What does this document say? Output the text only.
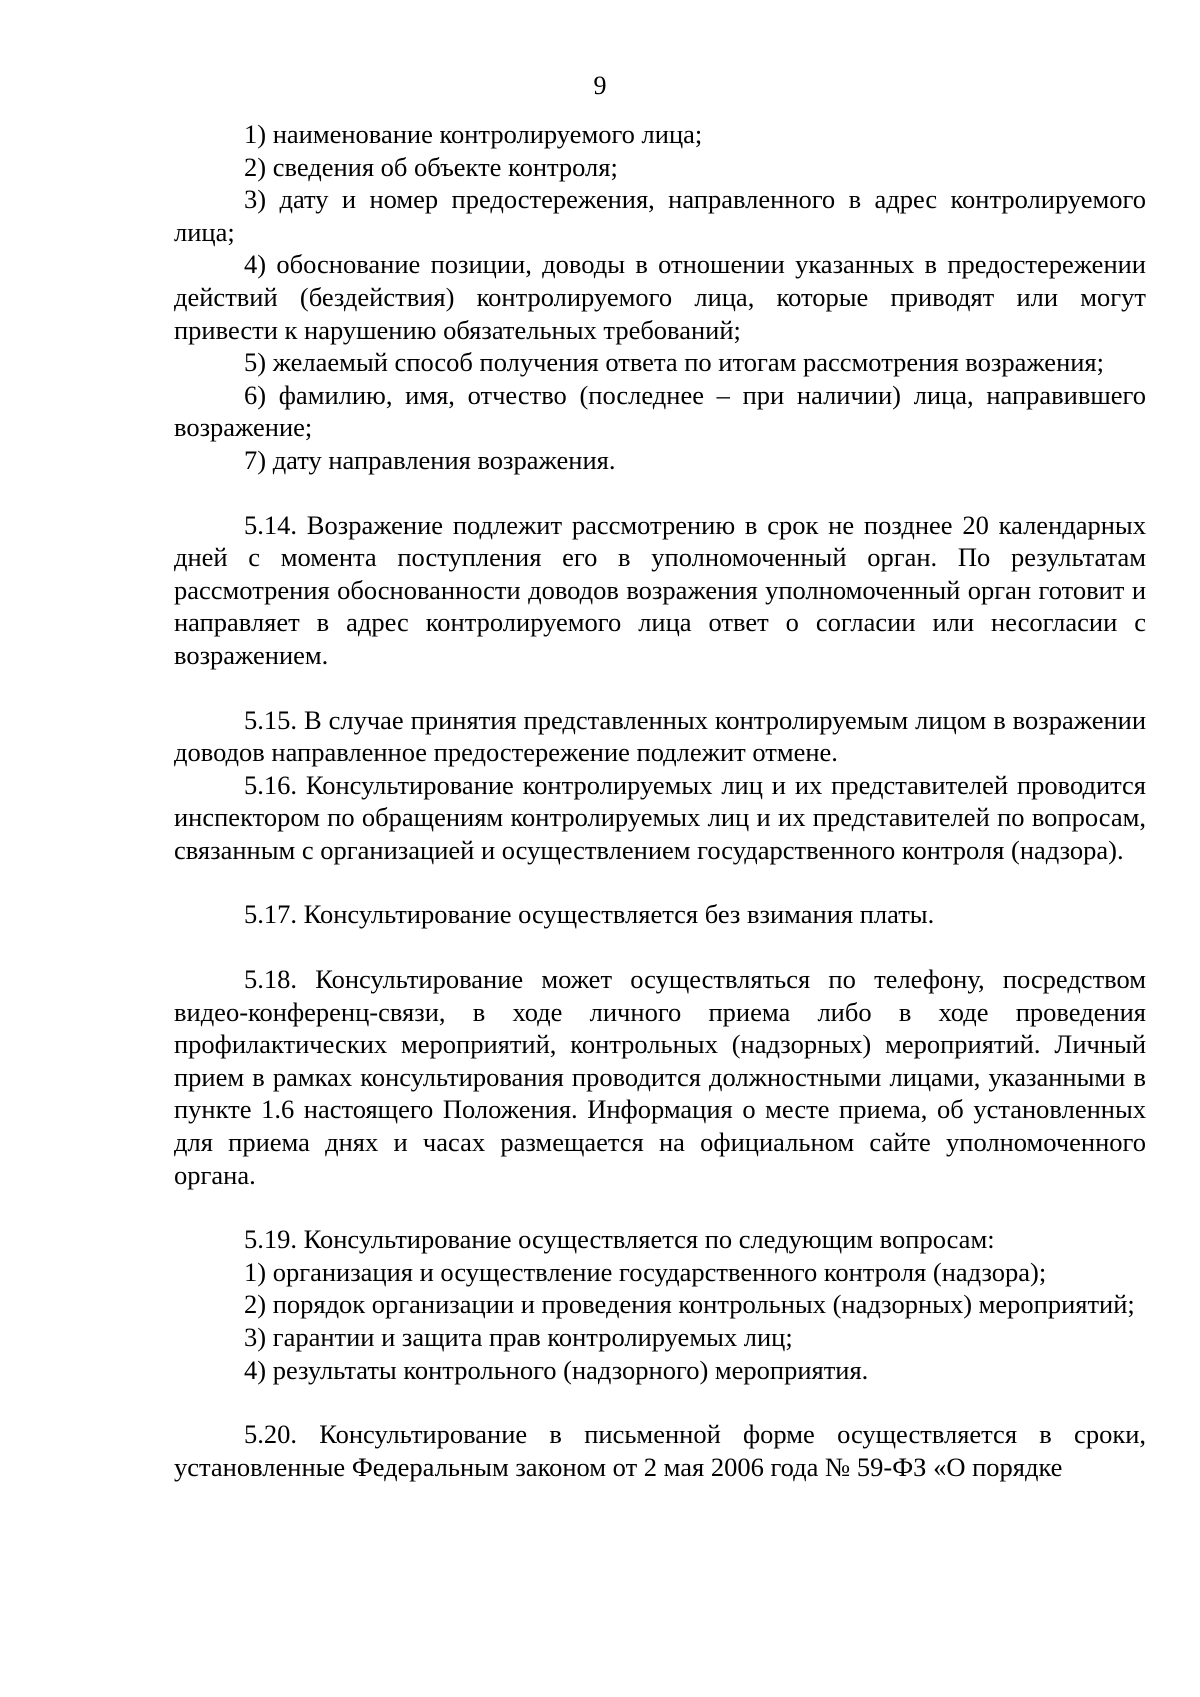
9

1) наименование контролируемого лица;

2) сведения об объекте контроля;

3) дату и номер предостережения, направленного в адрес контролируемого лица;

4) обоснование позиции, доводы в отношении указанных в предостережении действий (бездействия) контролируемого лица, которые приводят или могут привести к нарушению обязательных требований;

5) желаемый способ получения ответа по итогам рассмотрения возражения;

6) фамилию, имя, отчество (последнее – при наличии) лица, направившего возражение;

7) дату направления возражения.

5.14. Возражение подлежит рассмотрению в срок не позднее 20 календарных дней с момента поступления его в уполномоченный орган. По результатам рассмотрения обоснованности доводов возражения уполномоченный орган готовит и направляет в адрес контролируемого лица ответ о согласии или несогласии с возражением.

5.15. В случае принятия представленных контролируемым лицом в возражении доводов направленное предостережение подлежит отмене.

5.16. Консультирование контролируемых лиц и их представителей проводится инспектором по обращениям контролируемых лиц и их представителей по вопросам, связанным с организацией и осуществлением государственного контроля (надзора).

5.17. Консультирование осуществляется без взимания платы.

5.18. Консультирование может осуществляться по телефону, посредством видео-конференц-связи, в ходе личного приема либо в ходе проведения профилактических мероприятий, контрольных (надзорных) мероприятий. Личный прием в рамках консультирования проводится должностными лицами, указанными в пункте 1.6 настоящего Положения. Информация о месте приема, об установленных для приема днях и часах размещается на официальном сайте уполномоченного органа.

5.19. Консультирование осуществляется по следующим вопросам:

1) организация и осуществление государственного контроля (надзора);

2) порядок организации и проведения контрольных (надзорных) мероприятий;

3) гарантии и защита прав контролируемых лиц;

4) результаты контрольного (надзорного) мероприятия.

5.20. Консультирование в письменной форме осуществляется в сроки, установленные Федеральным законом от 2 мая 2006 года № 59-ФЗ «О порядке
